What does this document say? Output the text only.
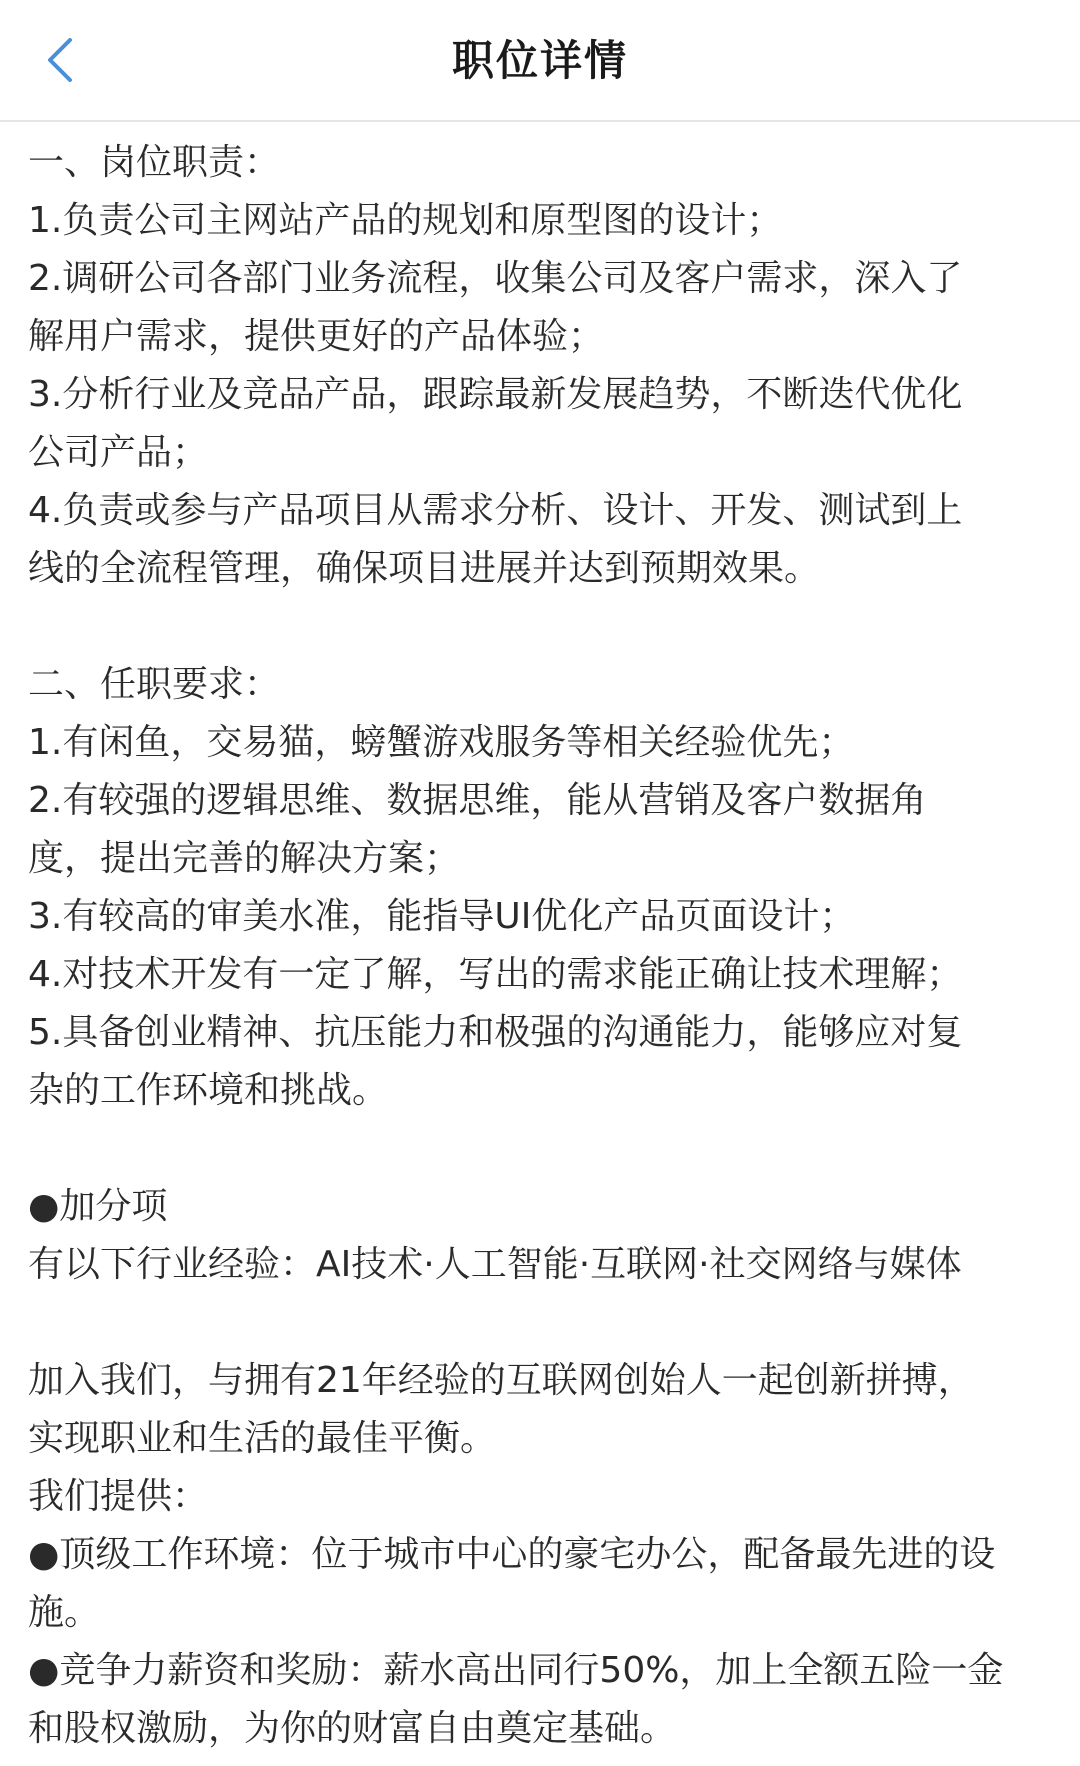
职位详情
一、岗位职责：
1.负责公司主网站产品的规划和原型图的设计；
2.调研公司各部门业务流程，收集公司及客户需求，深入了
解用户需求，提供更好的产品体验；
3.分析行业及竞品产品，跟踪最新发展趋势，不断迭代优化
公司产品；
4.负责或参与产品项目从需求分析、设计、开发、测试到上
线的全流程管理，确保项目进展并达到预期效果。
二、任职要求：
1.有闲鱼，交易猫，螃蟹游戏服务等相关经验优先；
2.有较强的逻辑思维、数据思维，能从营销及客户数据角
度，提出完善的解决方案；
3.有较高的审美水准，能指导UI优化产品页面设计；
4.对技术开发有一定了解，写出的需求能正确让技术理解；
5.具备创业精神、抗压能力和极强的沟通能力，能够应对复
杂的工作环境和挑战。
●加分项
有以下行业经验：AI技术·人工智能·互联网·社交网络与媒体
加入我们，与拥有21年经验的互联网创始人一起创新拼搏，
实现职业和生活的最佳平衡。
我们提供：
●顶级工作环境：位于城市中心的豪宅办公，配备最先进的设
施。
●竞争力薪资和奖励：薪水高出同行50%，加上全额五险一金
和股权激励，为你的财富自由奠定基础。
